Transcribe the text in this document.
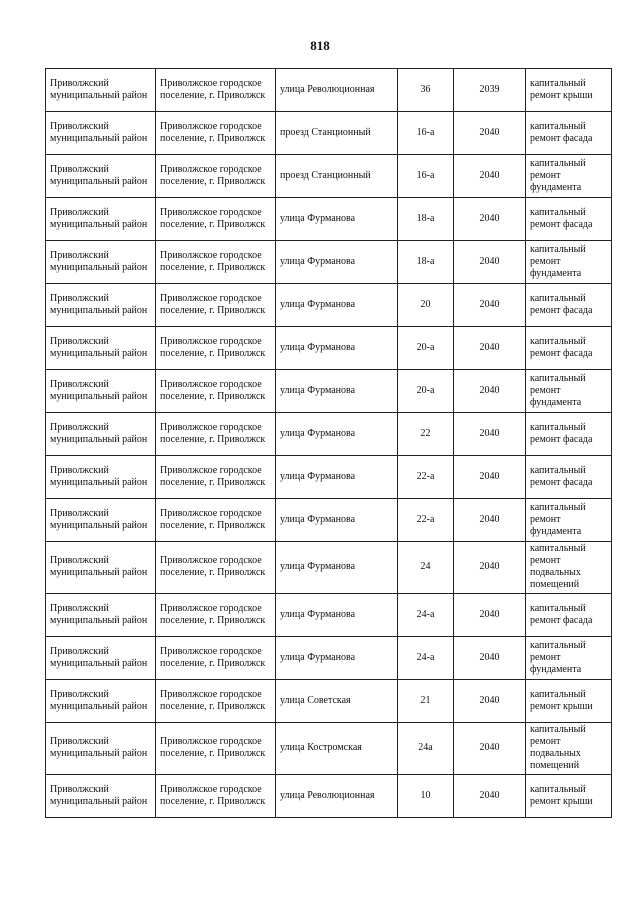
818
Приволжский муниципальный район	Приволжское городское поселение, г. Приволжск	улица Революционная	36	2039	капитальный ремонт крыши
Приволжский муниципальный район	Приволжское городское поселение, г. Приволжск	проезд Станционный	16-а	2040	капитальный ремонт фасада
Приволжский муниципальный район	Приволжское городское поселение, г. Приволжск	проезд Станционный	16-а	2040	капитальный ремонт фундамента
Приволжский муниципальный район	Приволжское городское поселение, г. Приволжск	улица Фурманова	18-а	2040	капитальный ремонт фасада
Приволжский муниципальный район	Приволжское городское поселение, г. Приволжск	улица Фурманова	18-а	2040	капитальный ремонт фундамента
Приволжский муниципальный район	Приволжское городское поселение, г. Приволжск	улица Фурманова	20	2040	капитальный ремонт фасада
Приволжский муниципальный район	Приволжское городское поселение, г. Приволжск	улица Фурманова	20-а	2040	капитальный ремонт фасада
Приволжский муниципальный район	Приволжское городское поселение, г. Приволжск	улица Фурманова	20-а	2040	капитальный ремонт фундамента
Приволжский муниципальный район	Приволжское городское поселение, г. Приволжск	улица Фурманова	22	2040	капитальный ремонт фасада
Приволжский муниципальный район	Приволжское городское поселение, г. Приволжск	улица Фурманова	22-а	2040	капитальный ремонт фасада
Приволжский муниципальный район	Приволжское городское поселение, г. Приволжск	улица Фурманова	22-а	2040	капитальный ремонт фундамента
Приволжский муниципальный район	Приволжское городское поселение, г. Приволжск	улица Фурманова	24	2040	капитальный ремонт подвальных помещений
Приволжский муниципальный район	Приволжское городское поселение, г. Приволжск	улица Фурманова	24-а	2040	капитальный ремонт фасада
Приволжский муниципальный район	Приволжское городское поселение, г. Приволжск	улица Фурманова	24-а	2040	капитальный ремонт фундамента
Приволжский муниципальный район	Приволжское городское поселение, г. Приволжск	улица Советская	21	2040	капитальный ремонт крыши
Приволжский муниципальный район	Приволжское городское поселение, г. Приволжск	улица Костромская	24а	2040	капитальный ремонт подвальных помещений
Приволжский муниципальный район	Приволжское городское поселение, г. Приволжск	улица Революционная	10	2040	капитальный ремонт крыши
